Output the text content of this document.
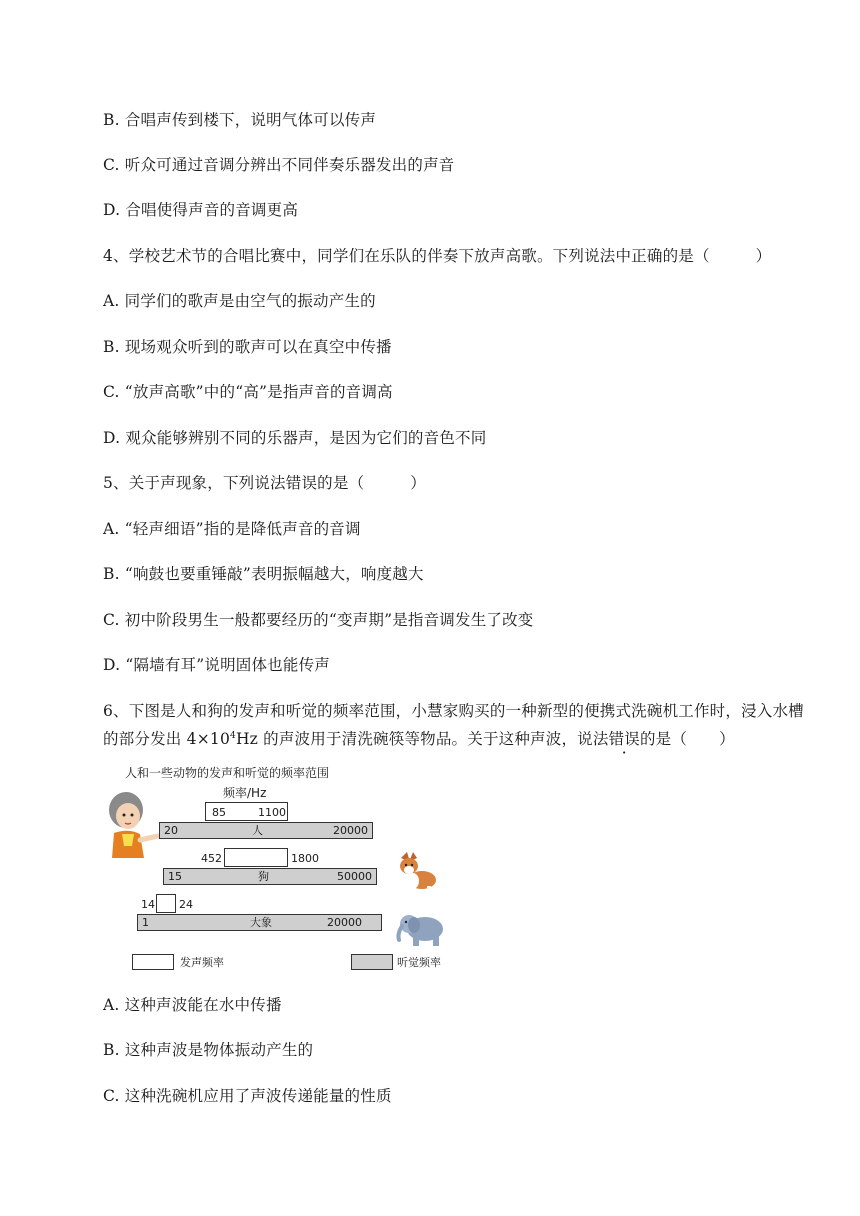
B. 合唱声传到楼下，说明气体可以传声
C. 听众可通过音调分辨出不同伴奏乐器发出的声音
D. 合唱使得声音的音调更高
4、学校艺术节的合唱比赛中，同学们在乐队的伴奏下放声高歌。下列说法中正确的是（	）
A. 同学们的歌声是由空气的振动产生的
B. 现场观众听到的歌声可以在真空中传播
C. “放声高歌”中的“高”是指声音的音调高
D. 观众能够辨别不同的乐器声，是因为它们的音色不同
5、关于声现象，下列说法错误的是（	）
A. “轻声细语”指的是降低声音的音调
B. “响鼓也要重锤敲”表明振幅越大，响度越大
C. 初中阶段男生一般都要经历的“变声期”是指音调发生了改变
D. “隔墙有耳”说明固体也能传声
6、下图是人和狗的发声和听觉的频率范围，小慧家购买的一种新型的便携式洗碗机工作时，浸入水槽
的部分发出 $4\times 10^4Hz$ 的声波用于清洗碗筷等物品。关于这种声波，说法错误的是（ ）
人和一些动物的发声和听觉的频率范围
频率/Hz
85	1100
20	人	20000
452	1800
15	狗	50000
14 24
1	大象	20000
发声频率	听觉频率
A. 这种声波能在水中传播
B. 这种声波是物体振动产生的
C. 这种洗碗机应用了声波传递能量的性质
